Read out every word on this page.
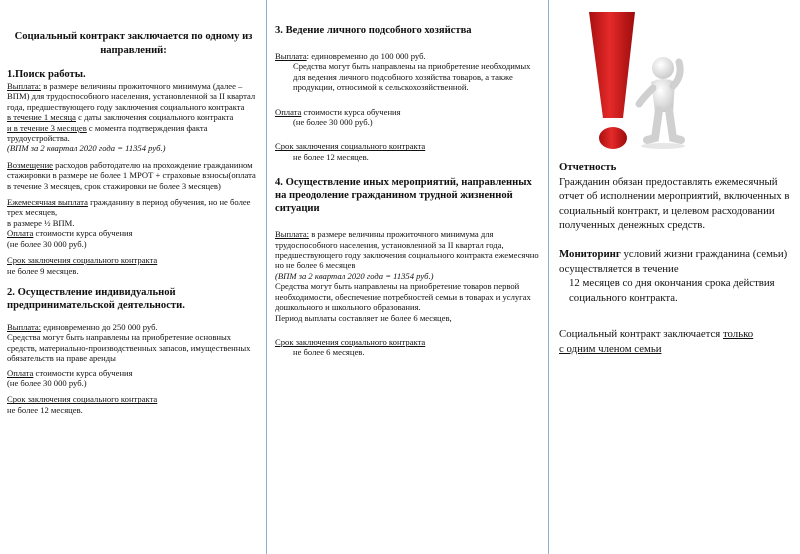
Социальный контракт заключается по одному из направлений:

1.Поиск работы.

Выплата: в размере величины прожиточного минимума (далее – ВПМ) для трудоспособного населения, установленной за II квартал года, предшествующего году заключения социального контракта

в течение 1 месяца с даты заключения социального контракта

и в течение 3 месяцев с момента подтверждения факта трудоустройства.

(ВПМ за 2 квартал 2020 года = 11354 руб.)

Возмещение расходов работодателю на прохождение гражданином стажировки в размере не более 1 МРОТ + страховые взносы(оплата в течение 3 месяцев, срок стажировки не более 3 месяцев)

Ежемесячная выплата гражданину в период обучения, но не более трех месяцев,

в размере ½ ВПМ.

Оплата стоимости курса обучения

(не более 30 000 руб.)

Срок заключения социального контракта

не более 9 месяцев.

2. Осуществление индивидуальной предпринимательской деятельности.

Выплата: единовременно до 250 000 руб.

Средства могут быть направлены на приобретение основных средств, материально-производственных запасов, имущественных обязательств на праве аренды

Оплата стоимости курса обучения

(не более 30 000 руб.)

Срок заключения социального контракта

не более 12 месяцев.

3. Ведение личного подсобного хозяйства

Выплата: единовременно до 100 000 руб.

Средства могут быть направлены на приобретение необходимых для ведения личного подсобного хозяйства товаров, а также продукции, относимой к сельскохозяйственной.

Оплата стоимости курса обучения

(не более 30 000 руб.)

Срок заключения социального контракта

не более 12 месяцев.

4. Осуществление иных мероприятий, направленных на преодоление гражданином трудной жизненной ситуации

Выплата: в размере величины прожиточного минимума для трудоспособного населения, установленной за II квартал года, предшествующего году заключения социального контракта ежемесячно но не более 6 месяцев

(ВПМ за 2 квартал 2020 года = 11354 руб.)

Средства могут быть направлены на приобретение товаров первой необходимости, обеспечение потребностей семьи в товарах и услугах дошкольного и школьного образования.

Период выплаты составляет не более 6 месяцев,

Срок заключения социального контракта

не более 6 месяцев.

Отчетность

Гражданин обязан предоставлять ежемесячный отчет об исполнении мероприятий, включенных в социальный контракт, и целевом расходовании полученных денежных средств.

Мониторинг условий жизни гражданина (семьи) осуществляется в течение

12 месяцев со дня окончания срока действия социального контракта.

Социальный контракт заключается только

с одним членом семьи
